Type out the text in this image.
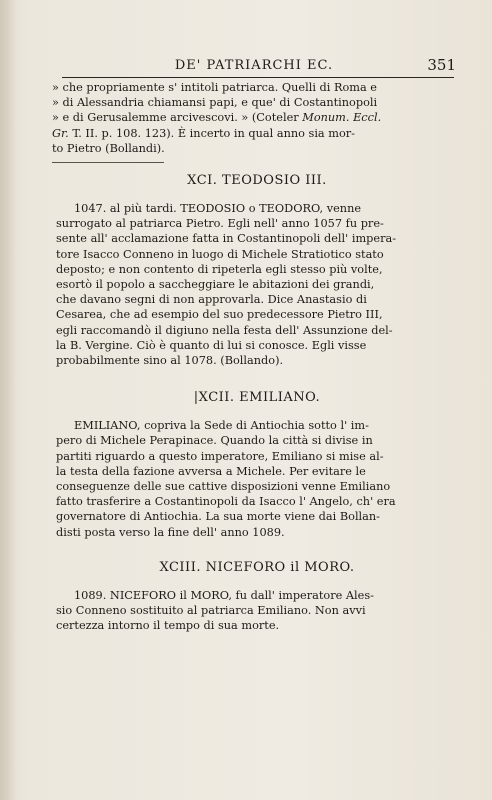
DE' PATRIARCHI EC.	351

» che propriamente s' intitoli patriarca. Quelli di Roma e

» di Alessandria chiamansi papi, e que' di Costantinopoli

» e di Gerusalemme arcivescovi. » (Coteler Monum. Eccl.

Gr. T. II. p. 108. 123). È incerto in qual anno sia mor-

to Pietro (Bollandi).

XCI. TEODOSIO III.

1047. al più tardi. TEODOSIO o TEODORO, venne

surrogato al patriarca Pietro. Egli nell' anno 1057 fu pre-

sente all' acclamazione fatta in Costantinopoli dell' impera-

tore Isacco Conneno in luogo di Michele Stratiotico stato

deposto; e non contento di ripeterla egli stesso più volte,

esortò il popolo a saccheggiare le abitazioni dei grandi,

che davano segni di non approvarla. Dice Anastasio di

Cesarea, che ad esempio del suo predecessore Pietro III,

egli raccomandò il digiuno nella festa dell' Assunzione del-

la B. Vergine. Ciò è quanto di lui si conosce. Egli visse

probabilmente sino al 1078. (Bollando).

|XCII. EMILIANO.

EMILIANO, copriva la Sede di Antiochia sotto l' im-

pero di Michele Perapinace. Quando la città si divise in

partiti riguardo a questo imperatore, Emiliano si mise al-

la testa della fazione avversa a Michele. Per evitare le

conseguenze delle sue cattive disposizioni venne Emiliano

fatto trasferire a Costantinopoli da Isacco l' Angelo, ch' era

governatore di Antiochia. La sua morte viene dai Bollan-

disti posta verso la fine dell' anno 1089.

XCIII. NICEFORO il MORO.

1089. NICEFORO il MORO, fu dall' imperatore Ales-

sio Conneno sostituito al patriarca Emiliano. Non avvi

certezza intorno il tempo di sua morte.
